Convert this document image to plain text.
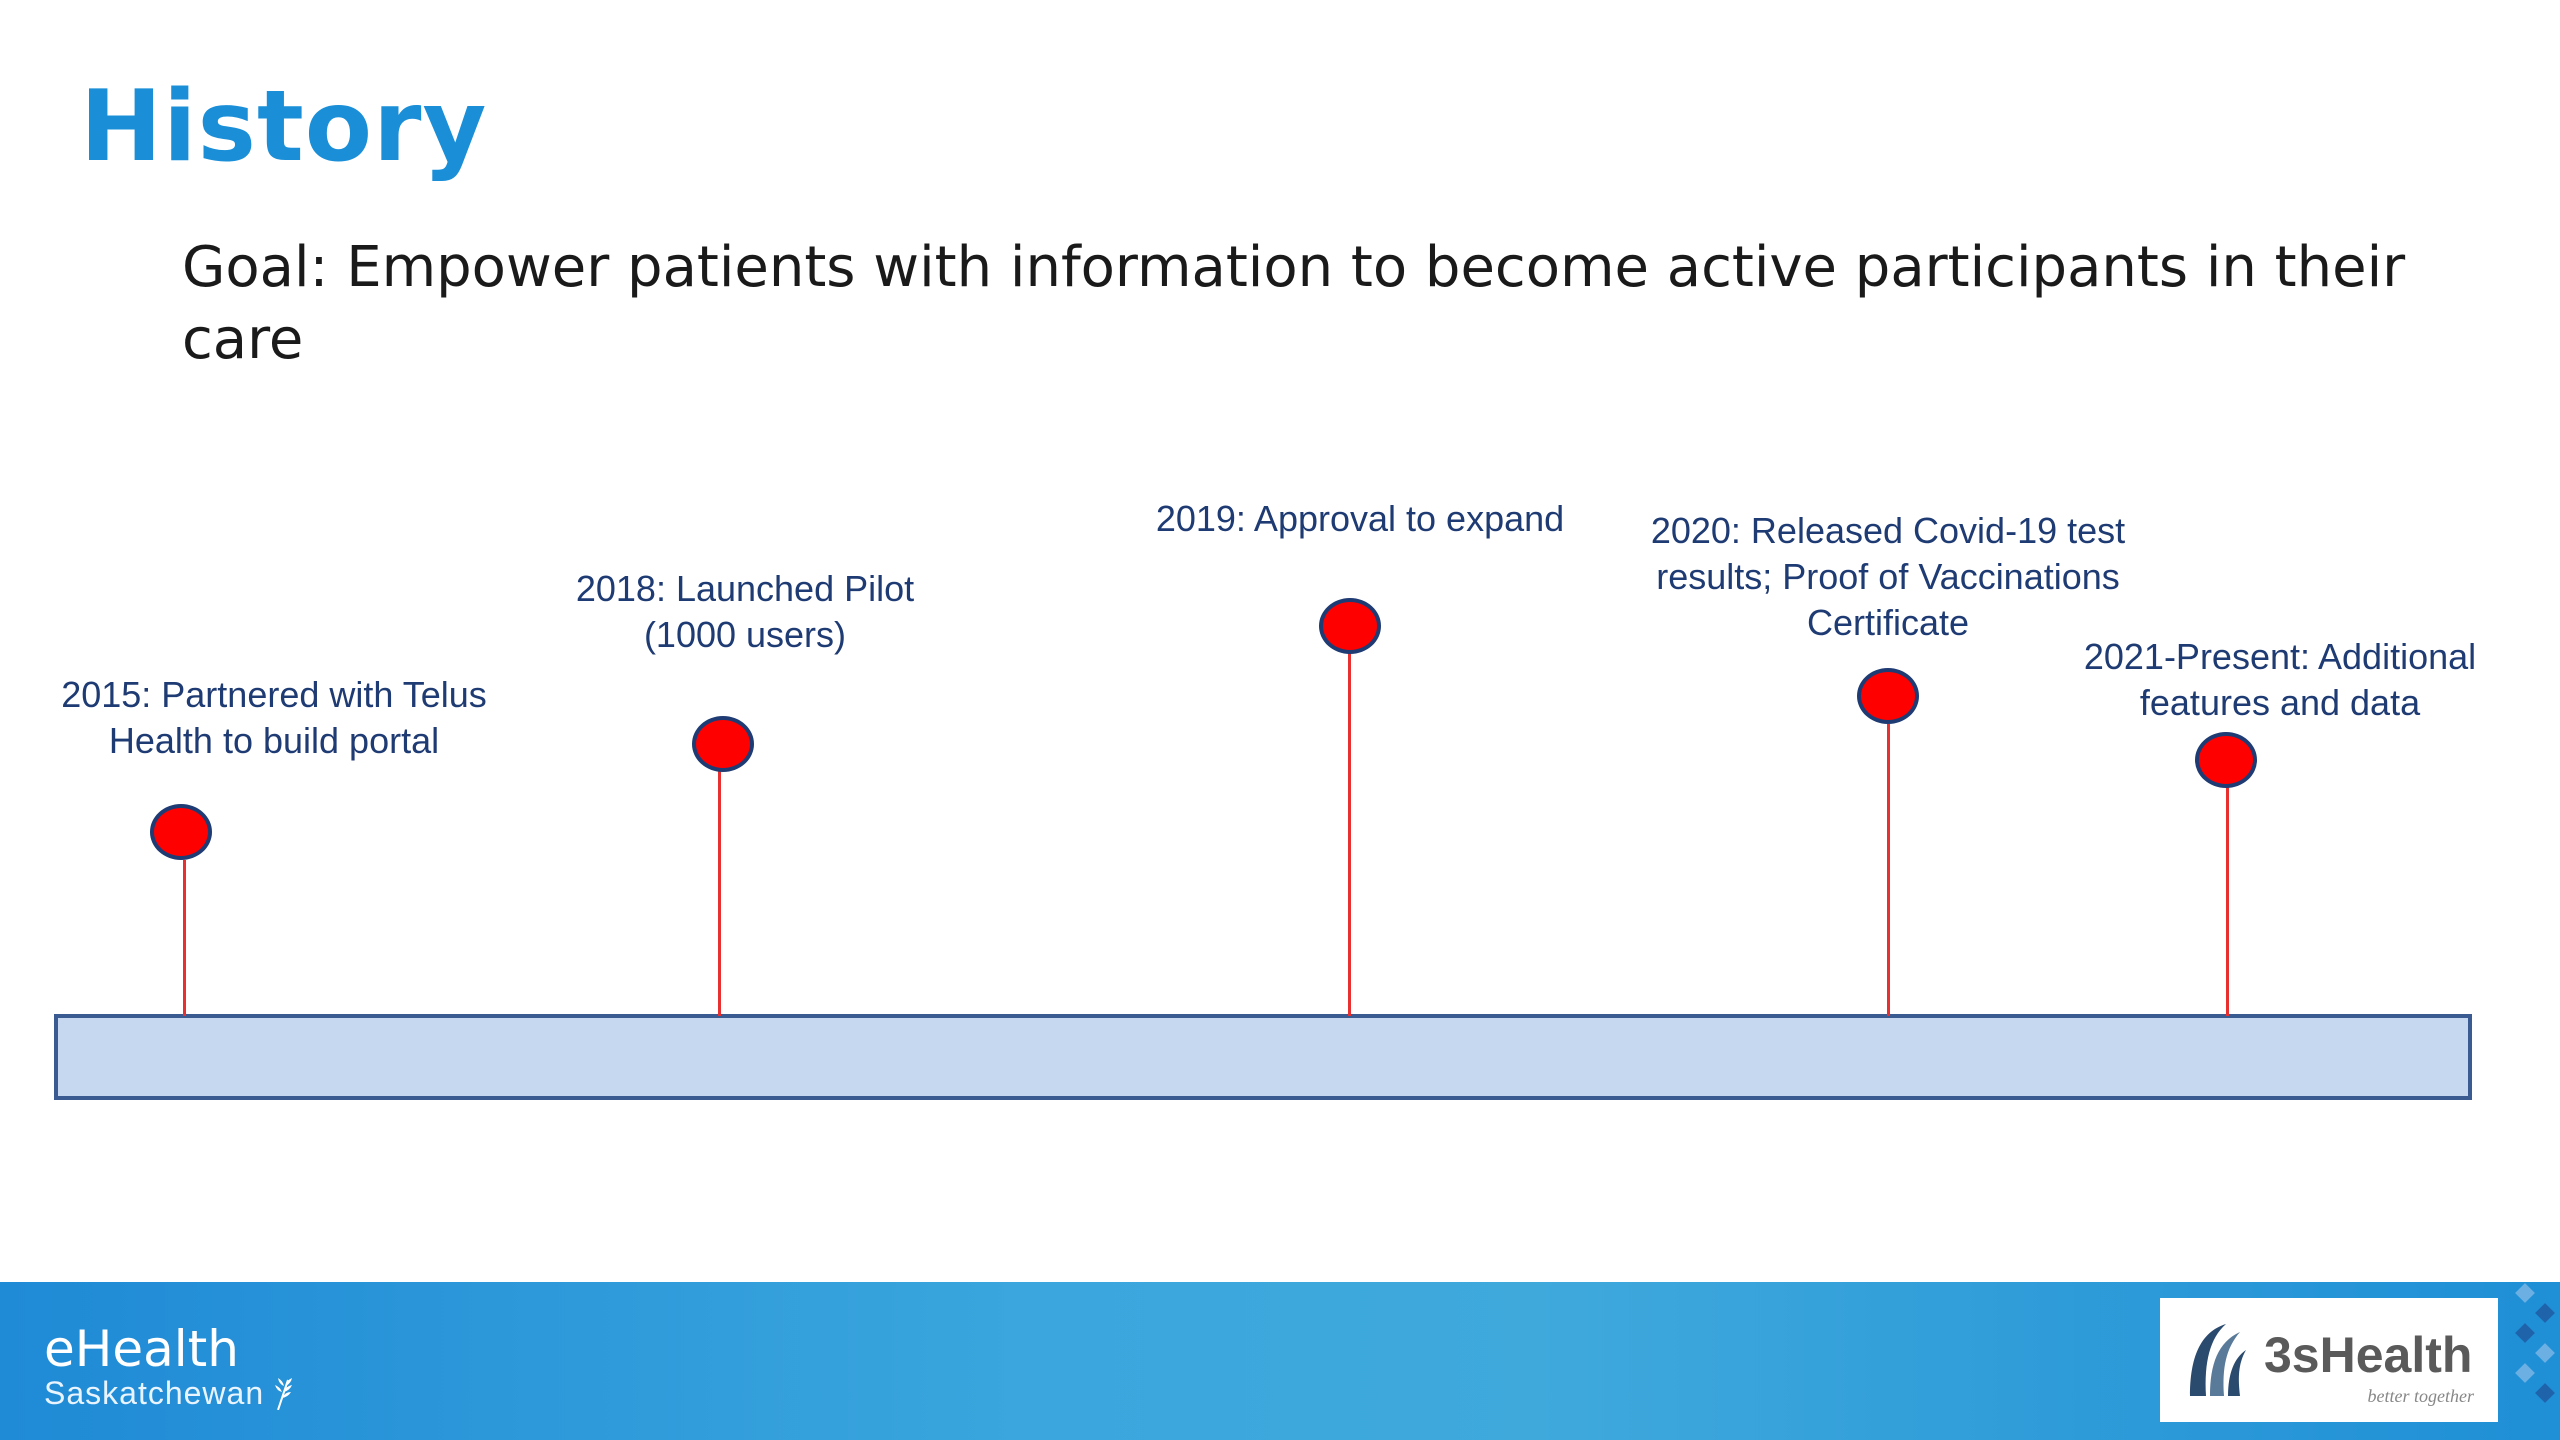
History
Goal: Empower patients with information to become active participants in their care
2015: Partnered with Telus
Health to build portal
2018: Launched Pilot
(1000 users)
2019: Approval to expand	2020: Released Covid-19 test
results; Proof of Vaccinations
Certificate
2021-Present: Additional
features and data
eHealth
Saskatchewan
3sHealth
better together
